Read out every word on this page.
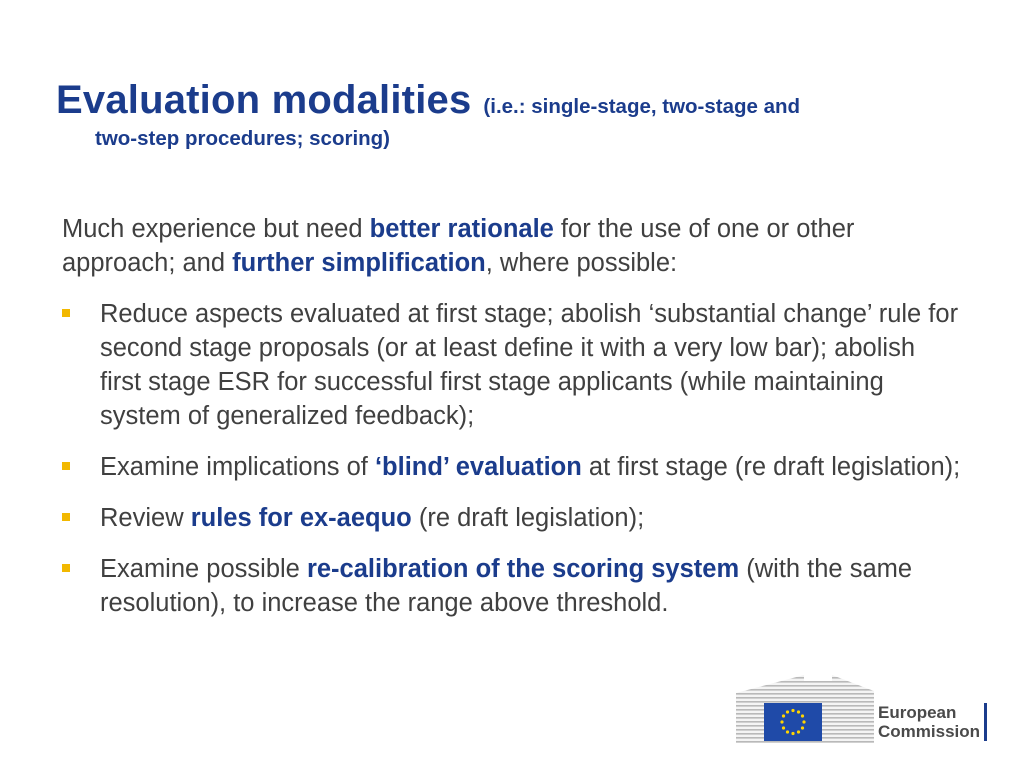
Evaluation modalities (i.e.: single-stage, two-stage and
two-step procedures; scoring)

Much experience but need better rationale for the use of one or other approach; and further simplification, where possible:

Reduce aspects evaluated at first stage; abolish ‘substantial change’ rule for second stage proposals (or at least define it with a very low bar); abolish first stage ESR for successful first stage applicants (while maintaining system of generalized feedback);
Examine implications of ‘blind’ evaluation at first stage (re draft legislation);
Review rules for ex-aequo (re draft legislation);
Examine possible re-calibration of the scoring system (with the same resolution), to increase the range above threshold.
European
Commission
